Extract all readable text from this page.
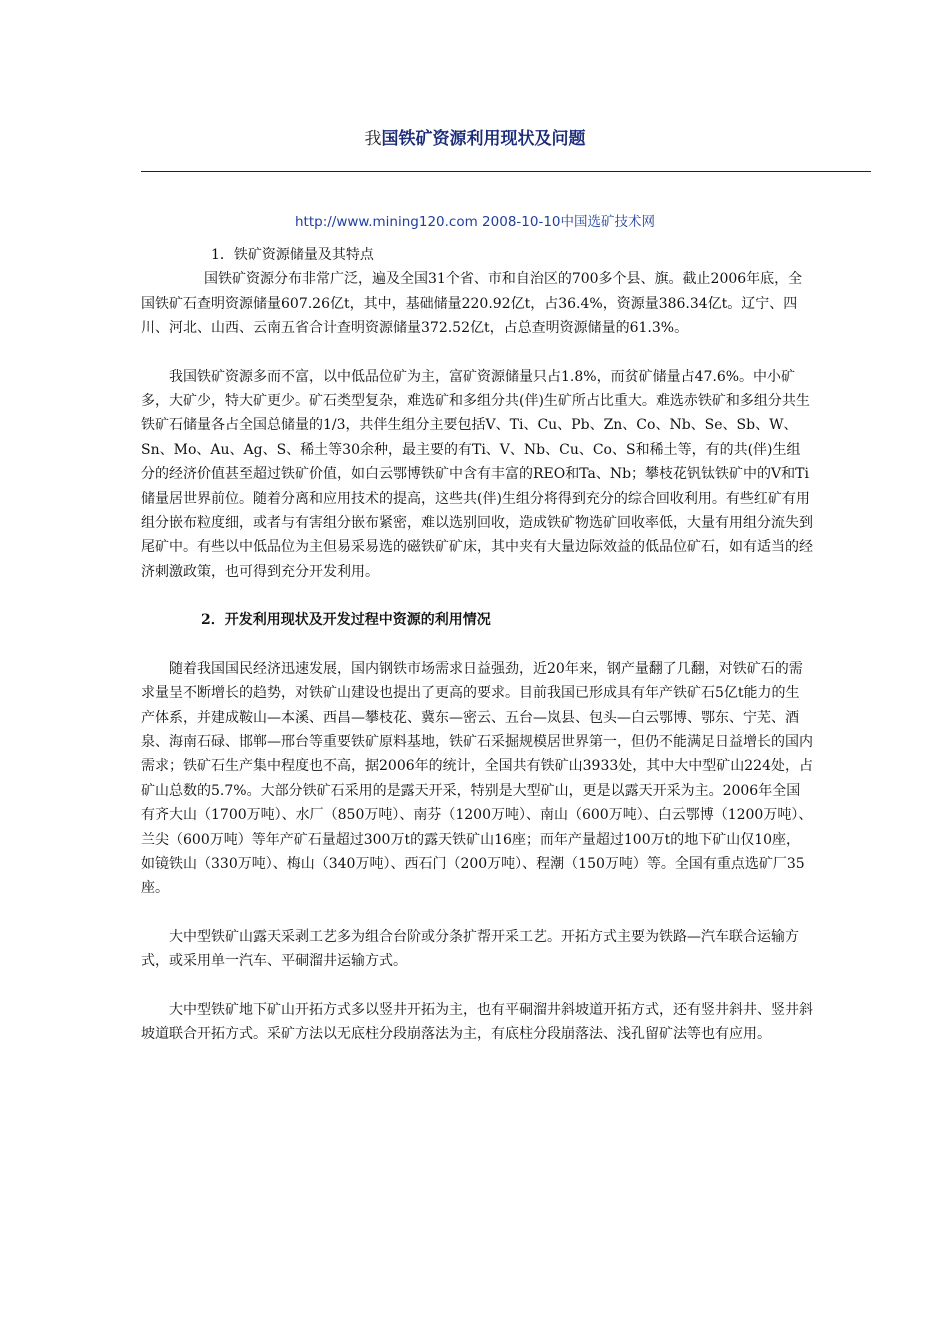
我国铁矿资源利用现状及问题
http://www.mining120.com 2008-10-10中国选矿技术网
1．铁矿资源储量及其特点

国铁矿资源分布非常广泛，遍及全国31个省、市和自治区的700多个县、旗。截止2006年底，全国铁矿石查明资源储量607.26亿t，其中，基础储量220.92亿t，占36.4%，资源量386.34亿t。辽宁、四川、河北、山西、云南五省合计查明资源储量372.52亿t，占总查明资源储量的61.3%。

我国铁矿资源多而不富，以中低品位矿为主，富矿资源储量只占1.8%，而贫矿储量占47.6%。中小矿多，大矿少，特大矿更少。矿石类型复杂，难选矿和多组分共(伴)生矿所占比重大。难选赤铁矿和多组分共生铁矿石储量各占全国总储量的1/3，共伴生组分主要包括V、Ti、Cu、Pb、Zn、Co、Nb、Se、Sb、W、Sn、Mo、Au、Ag、S、稀土等30余种，最主要的有Ti、V、Nb、Cu、Co、S和稀土等，有的共(伴)生组分的经济价值甚至超过铁矿价值，如白云鄂博铁矿中含有丰富的REO和Ta、Nb；攀枝花钒钛铁矿中的V和Ti储量居世界前位。随着分离和应用技术的提高，这些共(伴)生组分将得到充分的综合回收利用。有些红矿有用组分嵌布粒度细，或者与有害组分嵌布紧密，难以选别回收，造成铁矿物选矿回收率低，大量有用组分流失到尾矿中。有些以中低品位为主但易采易选的磁铁矿矿床，其中夹有大量边际效益的低品位矿石，如有适当的经济刺激政策，也可得到充分开发利用。

2．开发利用现状及开发过程中资源的利用情况

随着我国国民经济迅速发展，国内钢铁市场需求日益强劲，近20年来，钢产量翻了几翻，对铁矿石的需求量呈不断增长的趋势，对铁矿山建设也提出了更高的要求。目前我国已形成具有年产铁矿石5亿t能力的生产体系，并建成鞍山—本溪、西昌—攀枝花、冀东—密云、五台—岚县、包头—白云鄂博、鄂东、宁芜、酒泉、海南石碌、邯郸—邢台等重要铁矿原料基地，铁矿石采掘规模居世界第一，但仍不能满足日益增长的国内需求；铁矿石生产集中程度也不高，据2006年的统计，全国共有铁矿山3933处，其中大中型矿山224处，占矿山总数的5.7%。大部分铁矿石采用的是露天开采，特别是大型矿山，更是以露天开采为主。2006年全国有齐大山（1700万吨）、水厂（850万吨）、南芬（1200万吨）、南山（600万吨）、白云鄂博（1200万吨）、兰尖（600万吨）等年产矿石量超过300万t的露天铁矿山16座；而年产量超过100万t的地下矿山仅10座，如镜铁山（330万吨）、梅山（340万吨）、西石门（200万吨）、程潮（150万吨）等。全国有重点选矿厂35座。

大中型铁矿山露天采剥工艺多为组合台阶或分条扩帮开采工艺。开拓方式主要为铁路—汽车联合运输方式，或采用单一汽车、平硐溜井运输方式。

大中型铁矿地下矿山开拓方式多以竖井开拓为主，也有平硐溜井斜坡道开拓方式，还有竖井斜井、竖井斜坡道联合开拓方式。采矿方法以无底柱分段崩落法为主，有底柱分段崩落法、浅孔留矿法等也有应用。
